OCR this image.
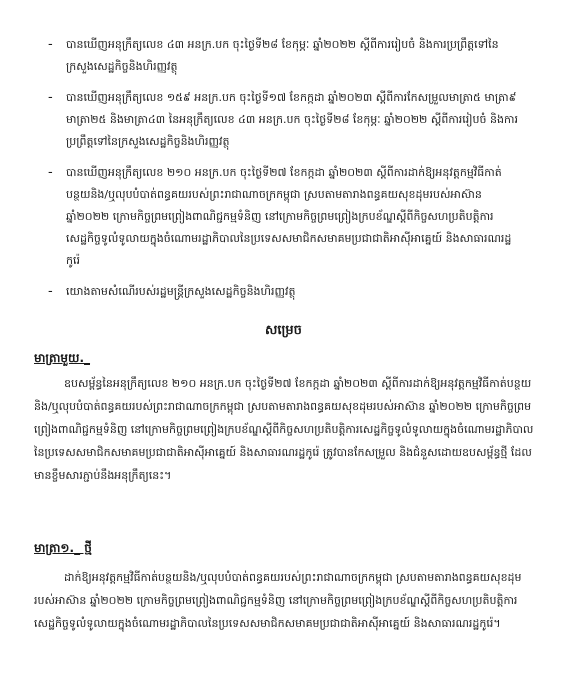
-	បានឃើញអនុក្រឹត្យលេខ ៤៣ អនក្រ.បក ចុះថ្ងៃទី២៨ ខែកុម្ភៈ ឆ្នាំ២០២២ ស្តីពីការរៀបចំ និងការប្រព្រឹត្តទៅនៃក្រសួងសេដ្ឋកិច្ចនិងហិរញ្ញវត្ថុ
-	បានឃើញអនុក្រឹត្យលេខ ១៥៩ អនក្រ.បក ចុះថ្ងៃទី១៧ ខែកក្កដា ឆ្នាំ២០២៣ ស្តីពីការកែសម្រួលមាត្រា៥ មាត្រា៩ មាត្រា២៥ និងមាត្រា៤៣ នៃអនុក្រឹត្យលេខ ៤៣ អនក្រ.បក ចុះថ្ងៃទី២៨ ខែកុម្ភៈ ឆ្នាំ២០២២ ស្តីពីការរៀបចំ និងការប្រព្រឹត្តទៅនៃក្រសួងសេដ្ឋកិច្ចនិងហិរញ្ញវត្ថុ
-	បានឃើញអនុក្រឹត្យលេខ ២១០ អនក្រ.បក ចុះថ្ងៃទី២៧ ខែកក្កដា ឆ្នាំ២០២៣ ស្តីពីការដាក់ឱ្យអនុវត្តកម្មវិធីកាត់បន្ថយនិង/ឬលុបបំបាត់ពន្ធគយរបស់ព្រះរាជាណាចក្រកម្ពុជា ស្របតាមតារាងពន្ធគយសុខដុមរបស់អាស៊ាន ឆ្នាំ២០២២ ក្រោមកិច្ចព្រមព្រៀងពាណិជ្ជកម្មទំនិញ នៅក្រោមកិច្ចព្រមព្រៀងក្របខ័ណ្ឌស្តីពីកិច្ចសហប្រតិបត្តិការសេដ្ឋកិច្ចទូលំទូលាយក្នុងចំណោមរដ្ឋាភិបាលនៃប្រទេសសមាជិកសមាគមប្រជាជាតិអាស៊ីអាគ្នេយ៍ និងសាធារណរដ្ឋកូរ៉េ
-	យោងតាមសំណើរបស់រដ្ឋមន្ត្រីក្រសួងសេដ្ឋកិច្ចនិងហិរញ្ញវត្ថុ
សម្រេច
មាត្រាមួយ._
ឧបសម្ព័ន្ធនៃអនុក្រឹត្យលេខ ២១០ អនក្រ.បក ចុះថ្ងៃទី២៧ ខែកក្កដា ឆ្នាំ២០២៣ ស្តីពីការដាក់ឱ្យអនុវត្តកម្មវិធីកាត់បន្ថយនិង/ឬលុបបំបាត់ពន្ធគយរបស់ព្រះរាជាណាចក្រកម្ពុជា ស្របតាមតារាងពន្ធគយសុខដុមរបស់អាស៊ាន ឆ្នាំ២០២២ ក្រោមកិច្ចព្រមព្រៀងពាណិជ្ជកម្មទំនិញ នៅក្រោមកិច្ចព្រមព្រៀងក្របខ័ណ្ឌស្តីពីកិច្ចសហប្រតិបត្តិការសេដ្ឋកិច្ចទូលំទូលាយក្នុងចំណោមរដ្ឋាភិបាលនៃប្រទេសសមាជិកសមាគមប្រជាជាតិអាស៊ីអាគ្នេយ៍ និងសាធារណរដ្ឋកូរ៉េ ត្រូវបានកែសម្រួល និងជំនួសដោយឧបសម្ព័ន្ធថ្មី ដែលមានខ្ចឹមសារភ្ជាប់នឹងអនុក្រឹត្យនេះ។
មាត្រា១._ ថ្មី
ដាក់ឱ្យអនុវត្តកម្មវិធីកាត់បន្ថយនិង/ឬលុបបំបាត់ពន្ធគយរបស់ព្រះរាជាណាចក្រកម្ពុជា ស្របតាមតារាងពន្ធគយសុខដុមរបស់អាស៊ាន ឆ្នាំ២០២២ ក្រោមកិច្ចព្រមព្រៀងពាណិជ្ជកម្មទំនិញ នៅក្រោមកិច្ចព្រមព្រៀងក្របខ័ណ្ឌស្តីពីកិច្ចសហប្រតិបត្តិការសេដ្ឋកិច្ចទូលំទូលាយក្នុងចំណោមរដ្ឋាភិបាលនៃប្រទេសសមាជិកសមាគមប្រជាជាតិអាស៊ីអាគ្នេយ៍ និងសាធារណរដ្ឋកូរ៉េ។
